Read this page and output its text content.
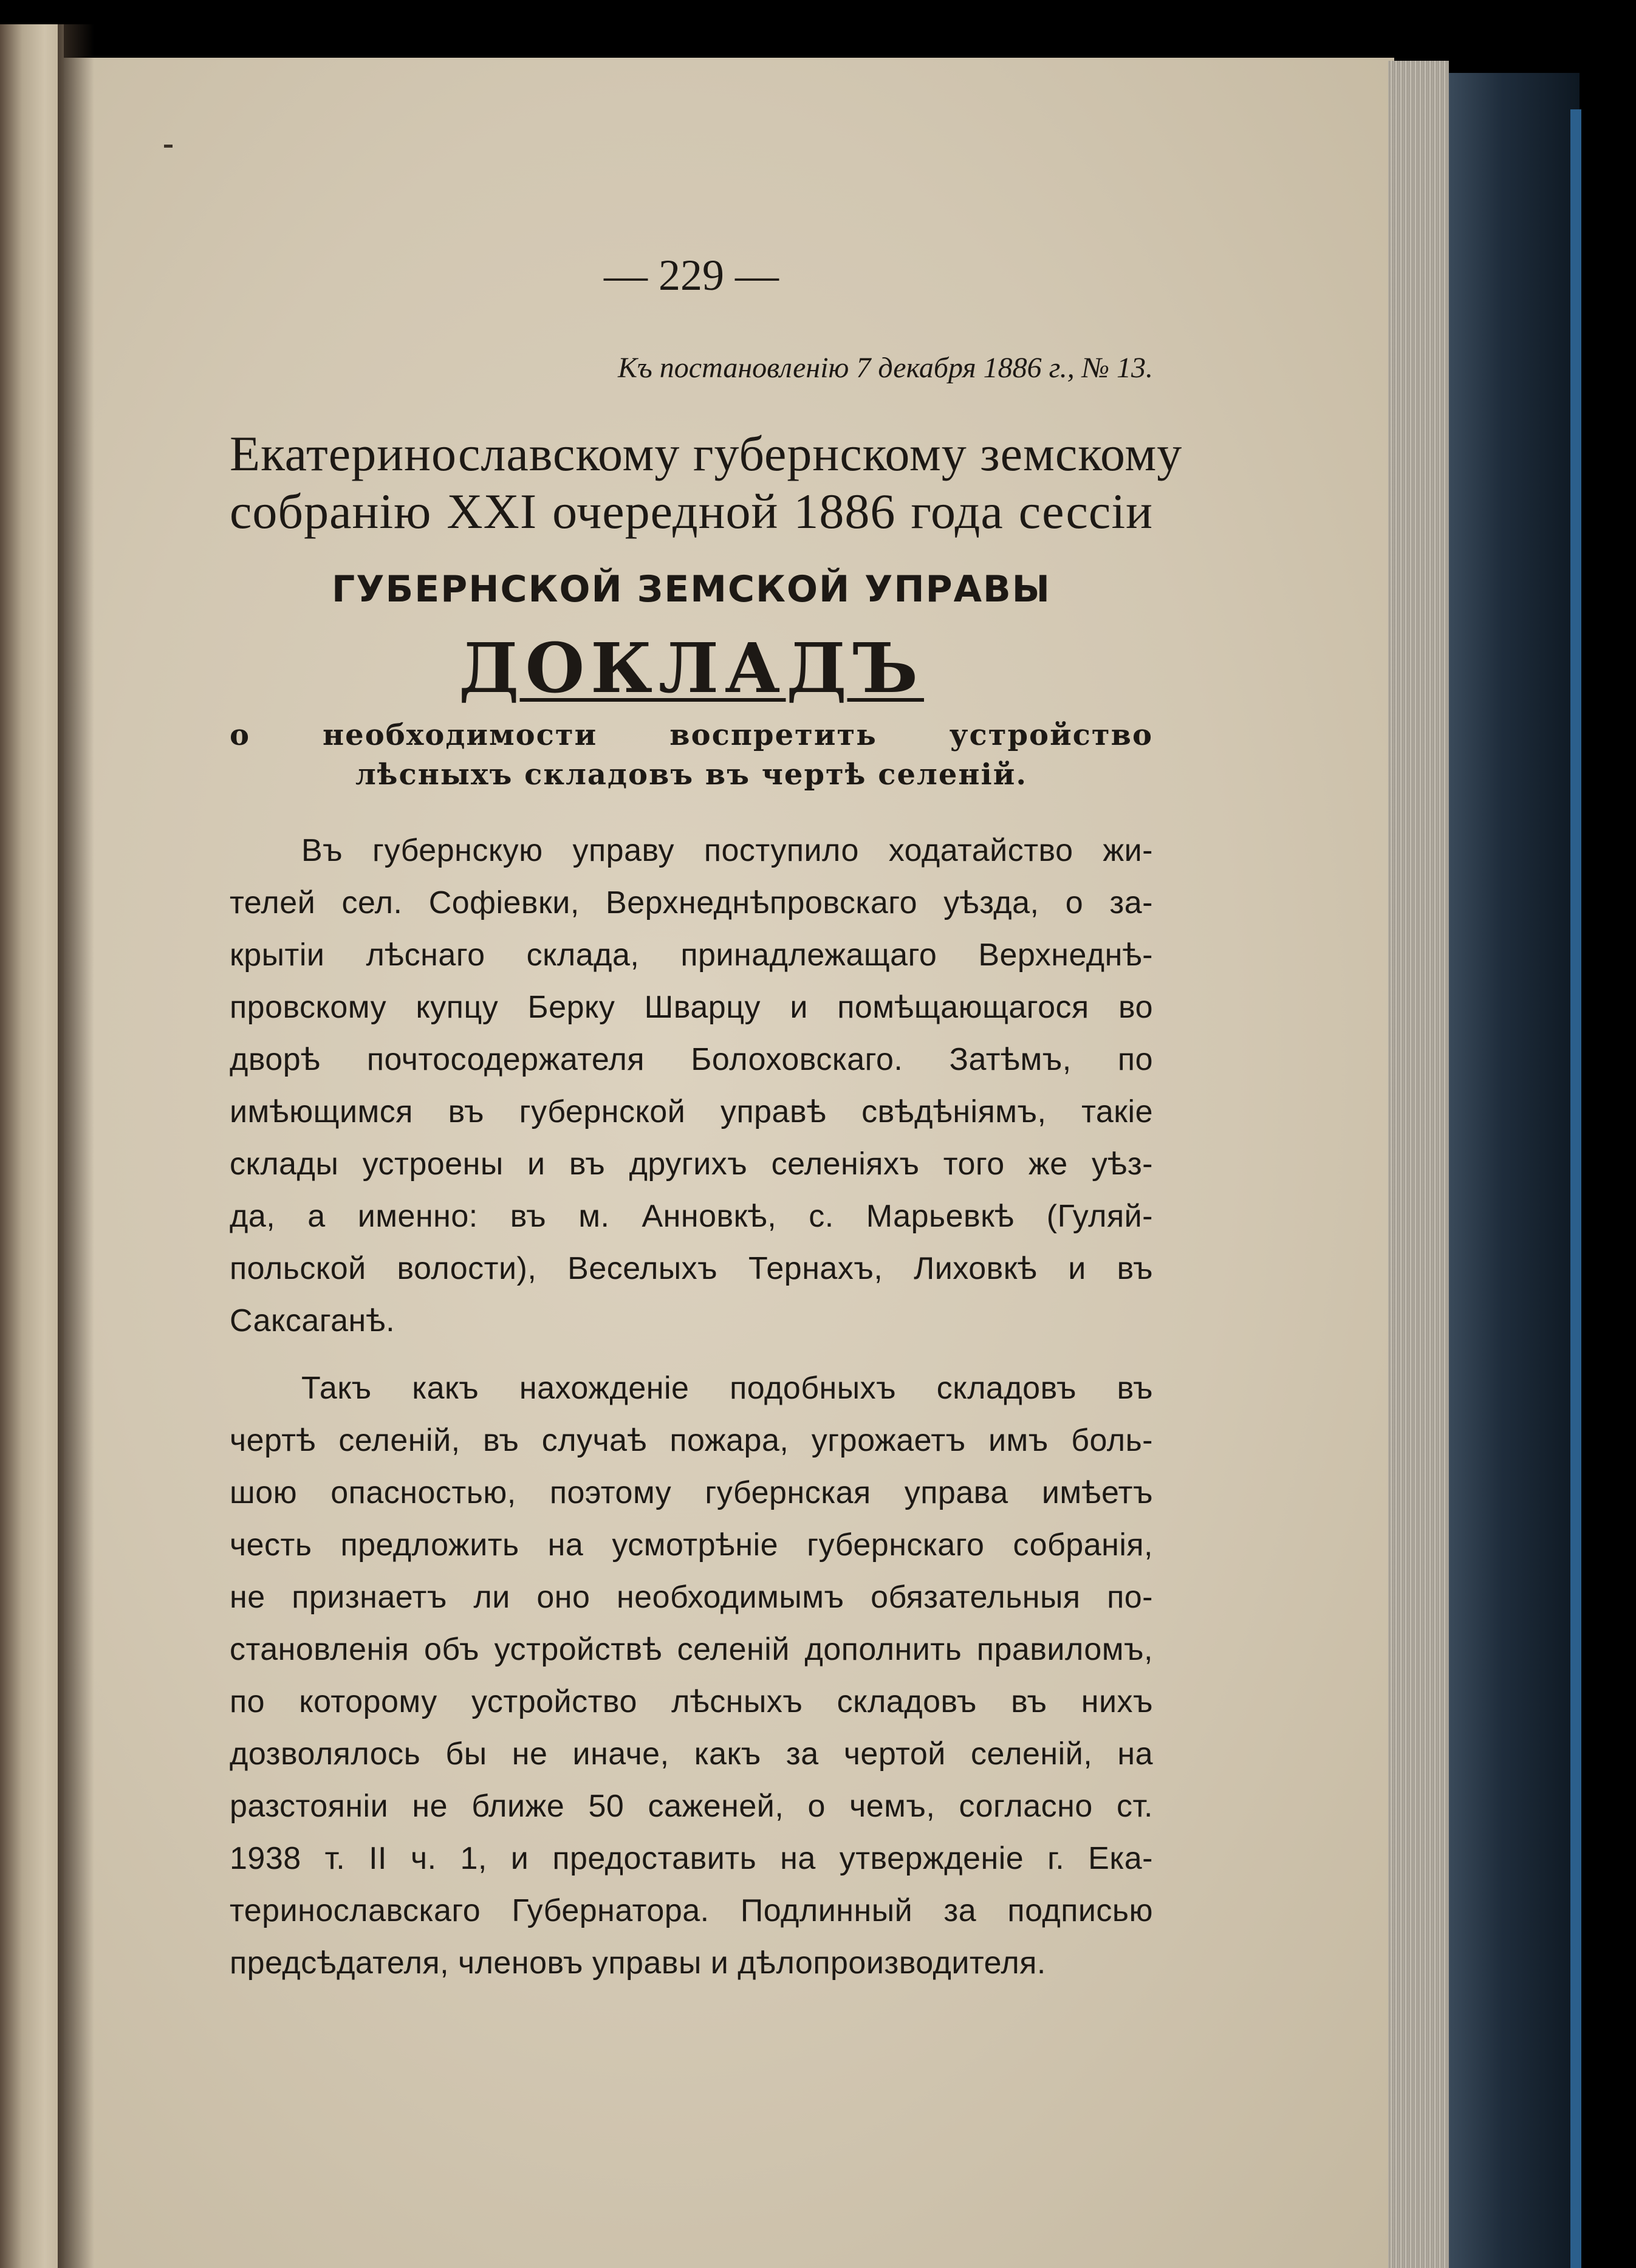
— 229 —

Къ постановленію 7 декабря 1886 г., № 13.

Екатеринославскому губернскому земскому

собранію XXI очередной 1886 года сессіи

ГУБЕРНСКОЙ ЗЕМСКОЙ УПРАВЫ

ДОКЛАДЪ

о необходимости воспретить устройство

лѣсныхъ складовъ въ чертѣ селеній.

Въ губернскую управу поступило ходатайство жи-

телей сел. Софіевки, Верхнеднѣпровскаго уѣзда, о за-

крытіи лѣснаго склада, принадлежащаго Верхнеднѣ-

провскому купцу Берку Шварцу и помѣщающагося во

дворѣ почтосодержателя Болоховскаго. Затѣмъ, по

имѣющимся въ губернской управѣ свѣдѣніямъ, такіе

склады устроены и въ другихъ селеніяхъ того же уѣз-

да, а именно: въ м. Анновкѣ, с. Марьевкѣ (Гуляй-

польской волости), Веселыхъ Тернахъ, Лиховкѣ и въ

Саксаганѣ.

Такъ какъ нахожденіе подобныхъ складовъ въ

чертѣ селеній, въ случаѣ пожара, угрожаетъ имъ боль-

шою опасностью, поэтому губернская управа имѣетъ

честь предложить на усмотрѣніе губернскаго собранія,

не признаетъ ли оно необходимымъ обязательныя по-

становленія объ устройствѣ селеній дополнить правиломъ,

по которому устройство лѣсныхъ складовъ въ нихъ

дозволялось бы не иначе, какъ за чертой селеній, на

разстояніи не ближе 50 саженей, о чемъ, согласно ст.

1938 т. II ч. 1, и предоставить на утвержденіе г. Ека-

теринославскаго Губернатора. Подлинный за подписью

предсѣдателя, членовъ управы и дѣлопроизводителя.
